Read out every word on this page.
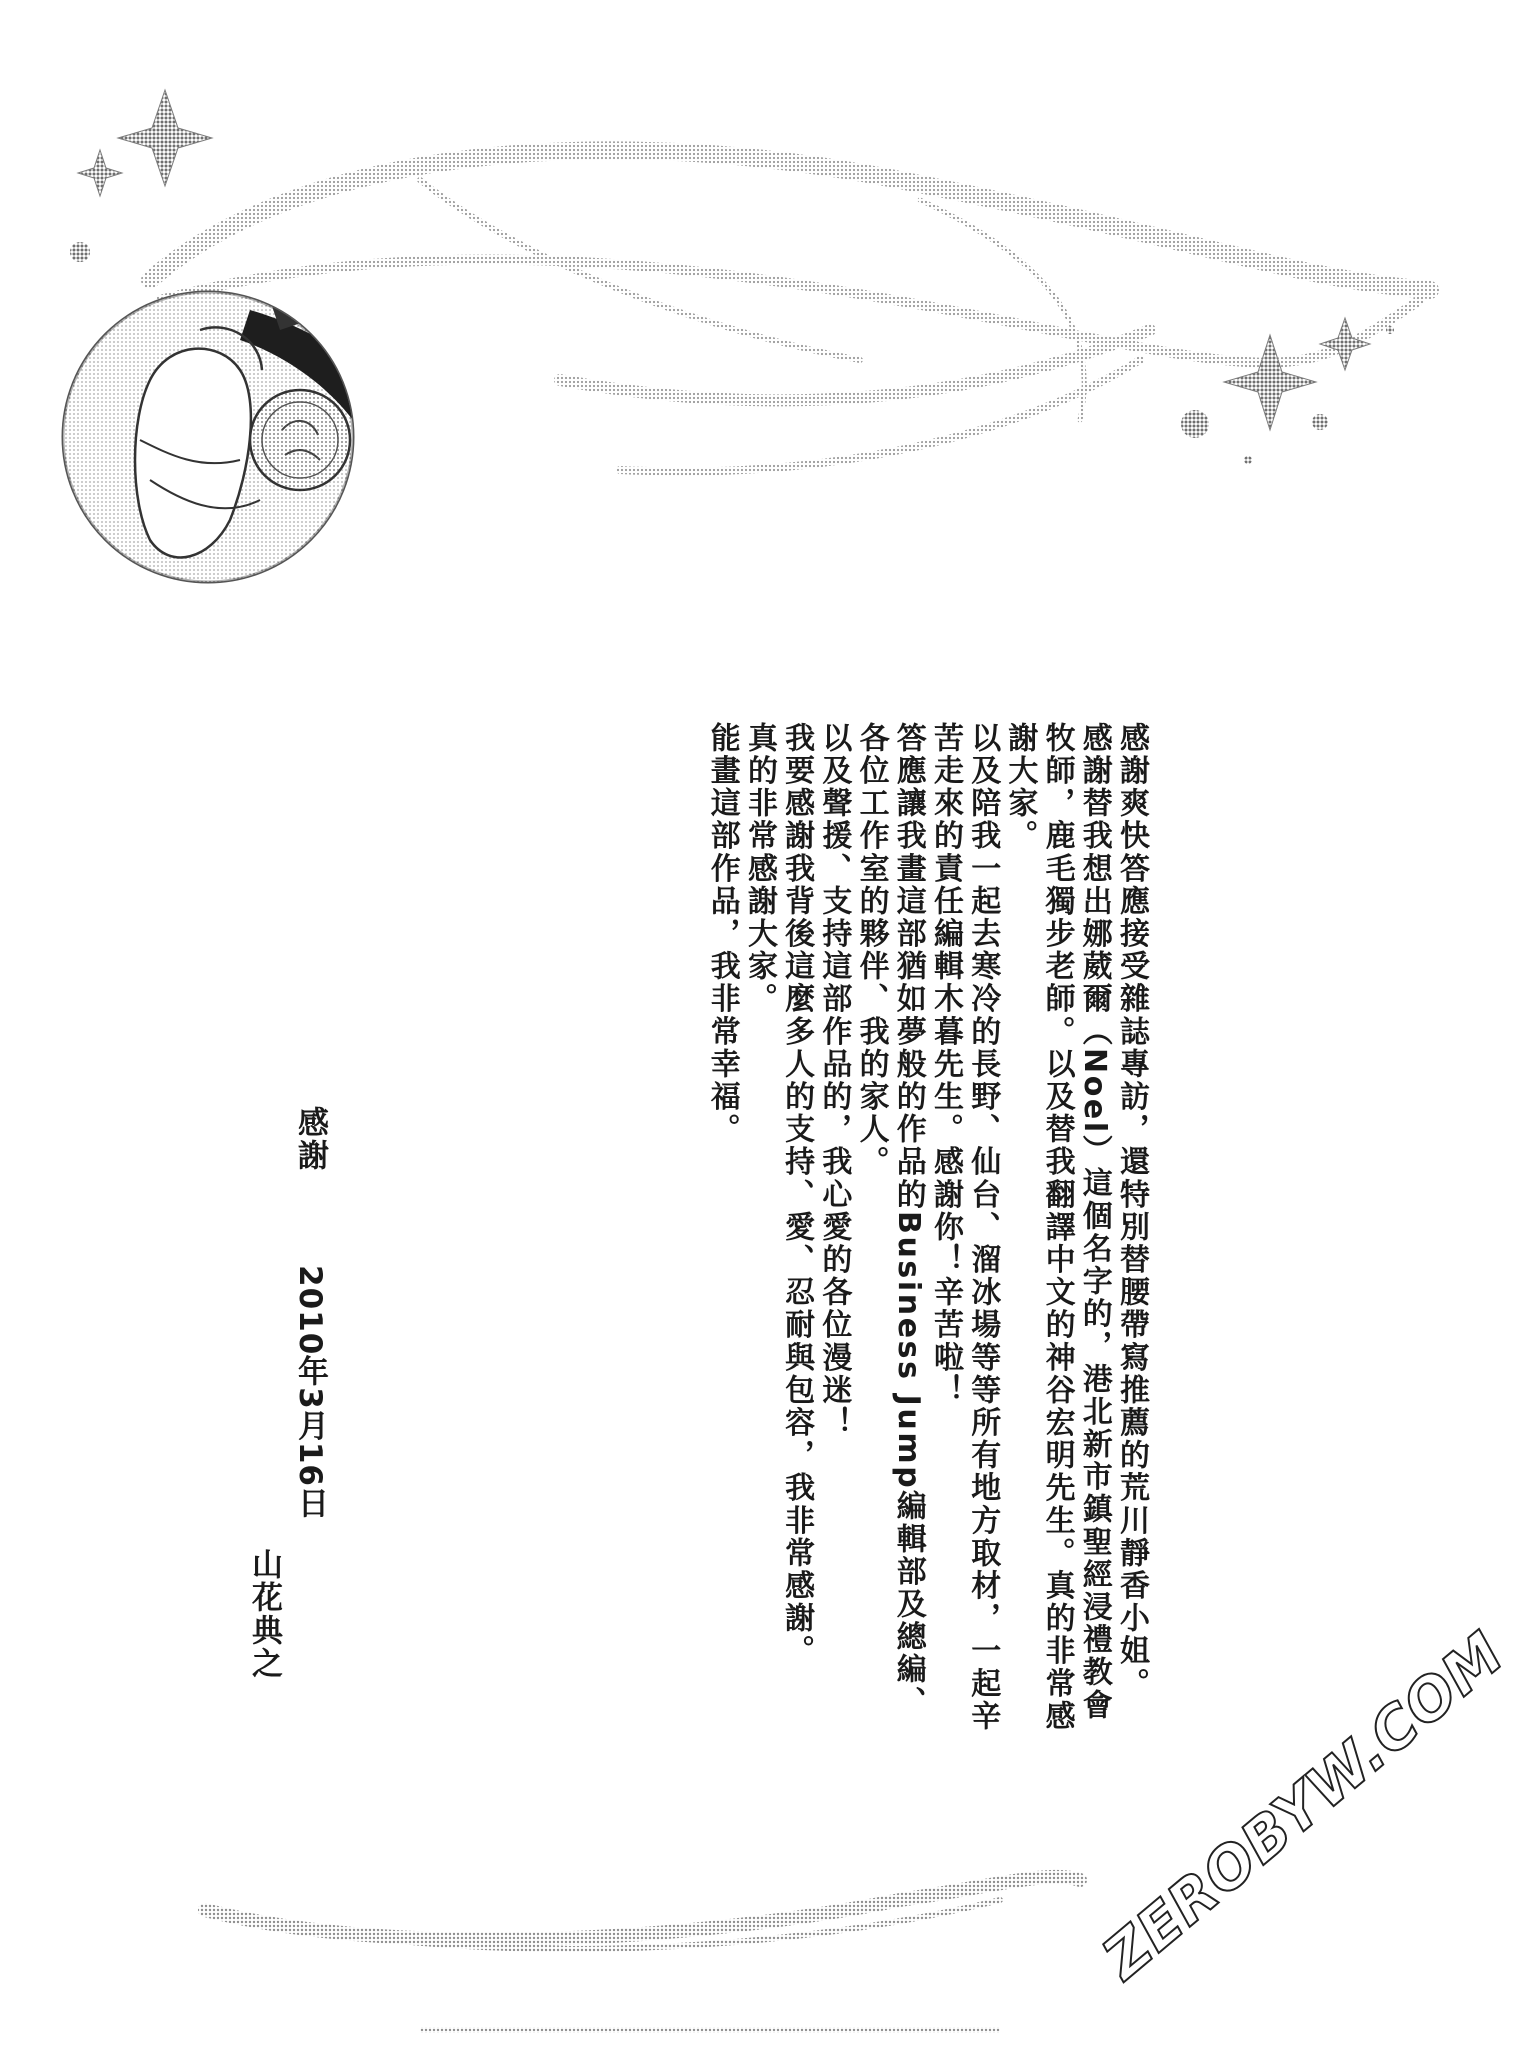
感謝爽快答應接受雜誌專訪，還特別替腰帶寫推薦的荒川靜香小姐。

感謝替我想出娜葳爾（Noel）這個名字的，港北新市鎮聖經浸禮教會牧師，鹿毛獨步老師。以及替我翻譯中文的神谷宏明先生。真的非常感謝大家。

以及陪我一起去寒冷的長野、仙台、溜冰場等等所有地方取材，一起辛苦走來的責任編輯木暮先生。感謝你！辛苦啦！

答應讓我畫這部猶如夢般的作品的Business Jump編輯部及總編、各位工作室的夥伴、我的家人。

以及聲援、支持這部作品的，我心愛的各位漫迷！

我要感謝我背後這麼多人的支持、愛、忍耐與包容，我非常感謝。

真的非常感謝大家。

能畫這部作品，我非常幸福。

感謝
2010年3月16日
山花典之
ZEROBYW.COM
